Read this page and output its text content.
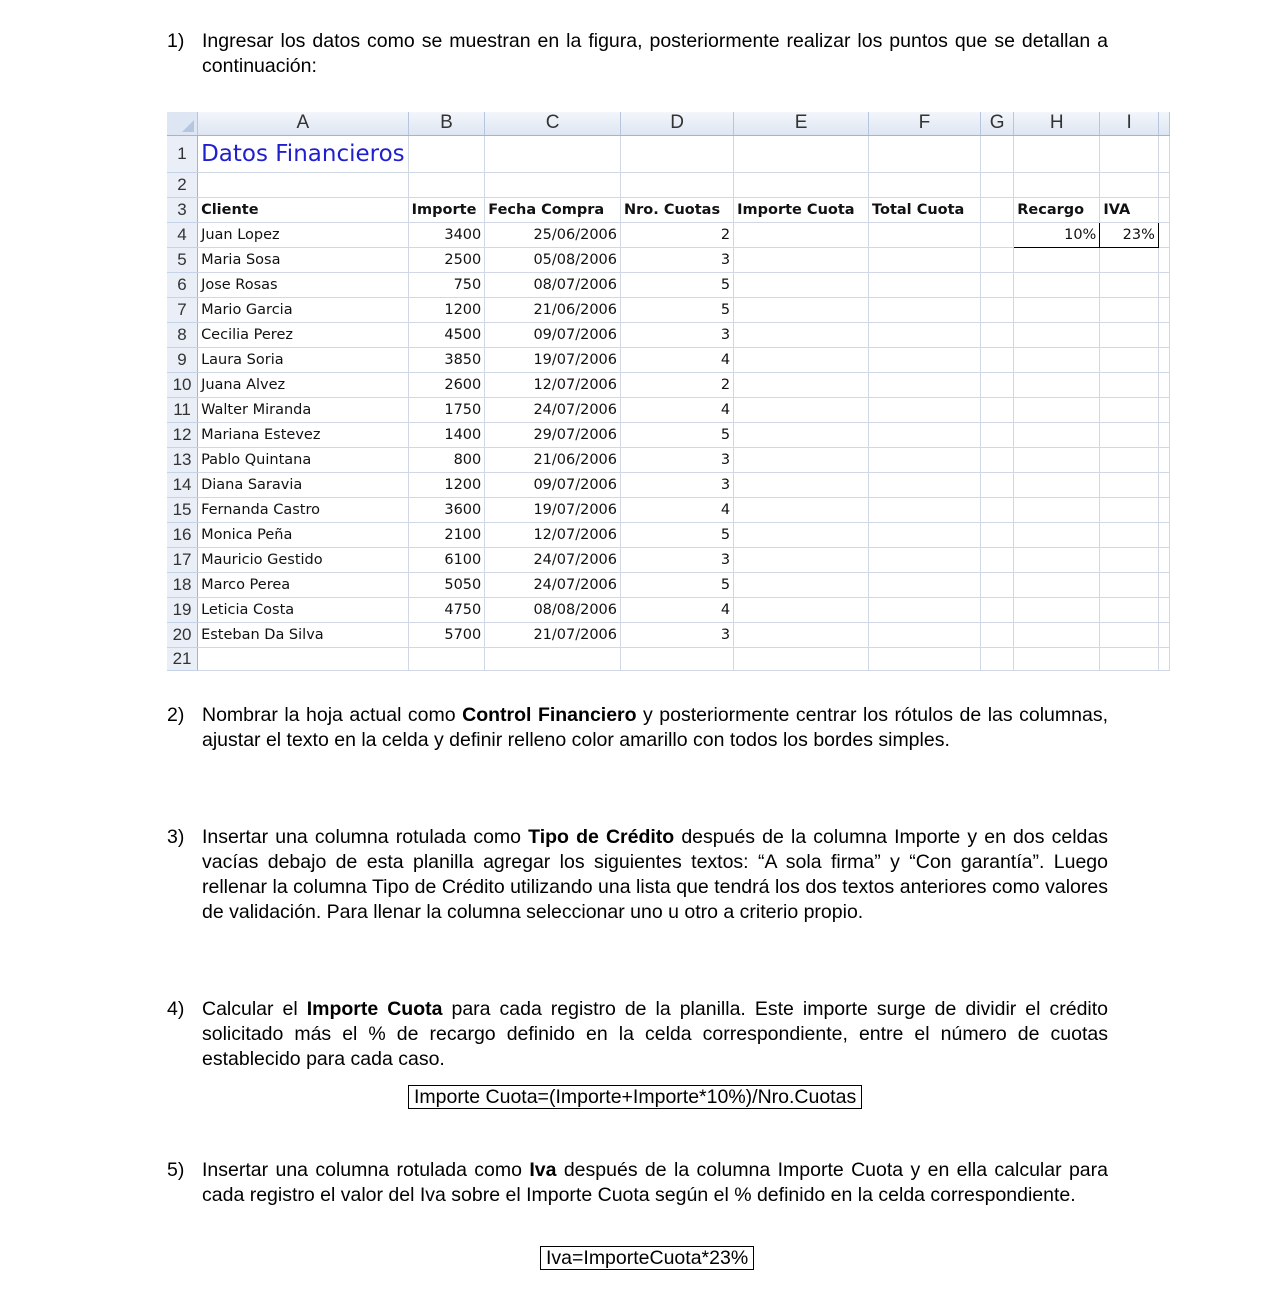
1) Ingresar los datos como se muestran en la figura, posteriormente realizar los puntos que se detallan a continuación:
	A	B	C	D	E	F	G	H	I	
1	Datos Financieros									
2										
3	Cliente	Importe	Fecha Compra	Nro. Cuotas	Importe Cuota	Total Cuota		Recargo	IVA	
4	Juan Lopez	3400	25/06/2006	2				10%	23%	
5	Maria Sosa	2500	05/08/2006	3						
6	Jose Rosas	750	08/07/2006	5						
7	Mario Garcia	1200	21/06/2006	5						
8	Cecilia Perez	4500	09/07/2006	3						
9	Laura Soria	3850	19/07/2006	4						
10	Juana Alvez	2600	12/07/2006	2						
11	Walter Miranda	1750	24/07/2006	4						
12	Mariana Estevez	1400	29/07/2006	5						
13	Pablo Quintana	800	21/06/2006	3						
14	Diana Saravia	1200	09/07/2006	3						
15	Fernanda Castro	3600	19/07/2006	4						
16	Monica Peña	2100	12/07/2006	5						
17	Mauricio Gestido	6100	24/07/2006	3						
18	Marco Perea	5050	24/07/2006	5						
19	Leticia Costa	4750	08/08/2006	4						
20	Esteban Da Silva	5700	21/07/2006	3						
21										
2) Nombrar la hoja actual como Control Financiero y posteriormente centrar los rótulos de las columnas, ajustar el texto en la celda y definir relleno color amarillo con todos los bordes simples.
3) Insertar una columna rotulada como Tipo de Crédito después de la columna Importe y en dos celdas vacías debajo de esta planilla agregar los siguientes textos: “A sola firma” y “Con garantía”. Luego rellenar la columna Tipo de Crédito utilizando una lista que tendrá los dos textos anteriores como valores de validación. Para llenar la columna seleccionar uno u otro a criterio propio.
4) Calcular el Importe Cuota para cada registro de la planilla. Este importe surge de dividir el crédito solicitado más el % de recargo definido en la celda correspondiente, entre el número de cuotas establecido para cada caso.
Importe Cuota=(Importe+Importe*10%)/Nro.Cuotas
5) Insertar una columna rotulada como Iva después de la columna Importe Cuota y en ella calcular para cada registro el valor del Iva sobre el Importe Cuota según el % definido en la celda correspondiente.
Iva=ImporteCuota*23%
